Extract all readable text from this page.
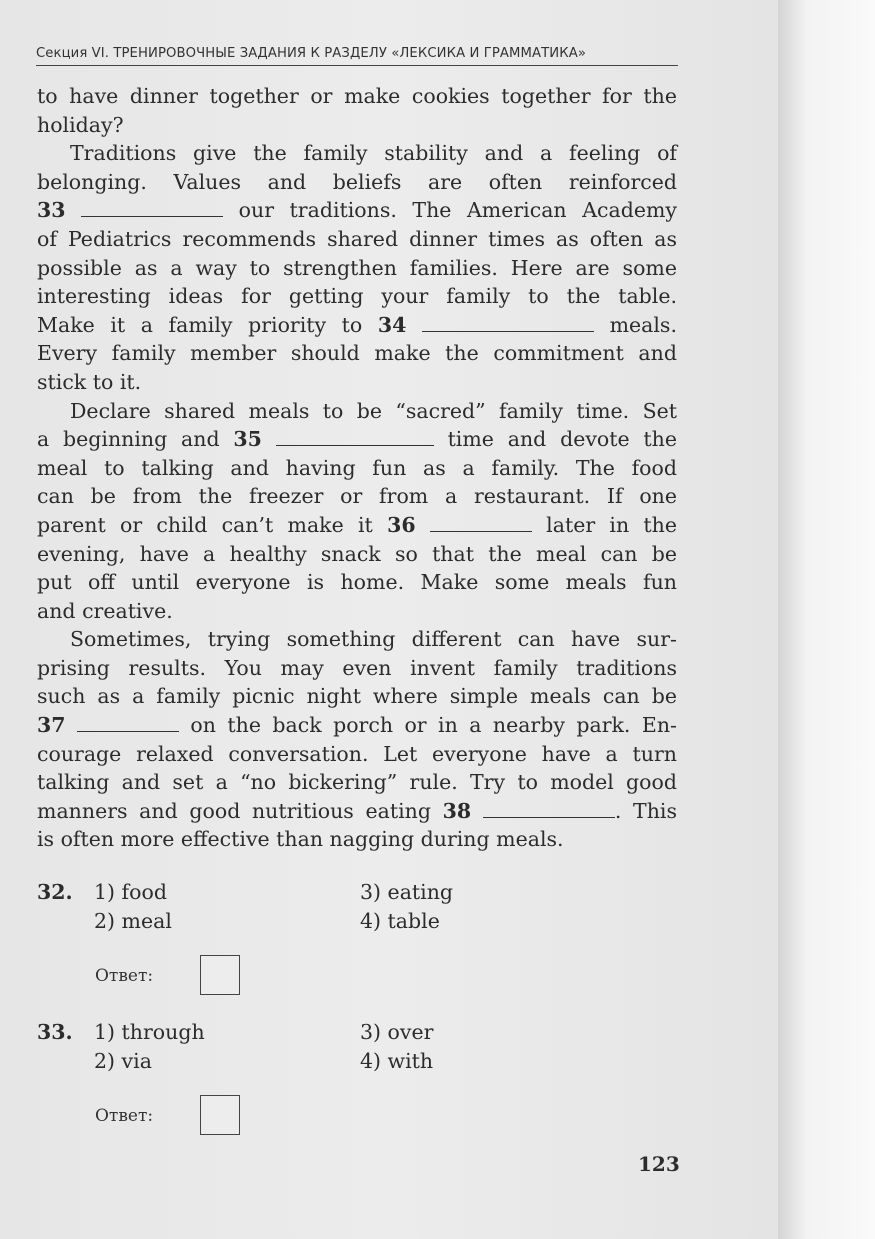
Секция VI. ТРЕНИРОВОЧНЫЕ ЗАДАНИЯ К РАЗДЕЛУ «ЛЕКСИКА И ГРАММАТИКА»
to have dinner together or make cookies together for the
holiday?
Traditions give the family stability and a feeling of
belonging. Values and beliefs are often reinforced
33	our traditions. The American Academy
of Pediatrics recommends shared dinner times as often as
possible as a way to strengthen families. Here are some
interesting ideas for getting your family to the table.
Make it a family priority to 34	meals.
Every family member should make the commitment and
stick to it.
Declare shared meals to be “sacred” family time. Set
a beginning and 35	time and devote the
meal to talking and having fun as a family. The food
can be from the freezer or from a restaurant. If one
parent or child can’t make it 36	later in the
evening, have a healthy snack so that the meal can be
put off until everyone is home. Make some meals fun
and creative.
Sometimes, trying something different can have sur-
prising results. You may even invent family traditions
such as a family picnic night where simple meals can be
37	on the back porch or in a nearby park. En-
courage relaxed conversation. Let everyone have a turn
talking and set a “no bickering” rule. Try to model good
manners and good nutritious eating 38	. This
is often more effective than nagging during meals.
32. 1) food
2) meal
3) eating
4) table
Ответ:
33. 1) through
2) via
3) over
4) with
Ответ:
123
